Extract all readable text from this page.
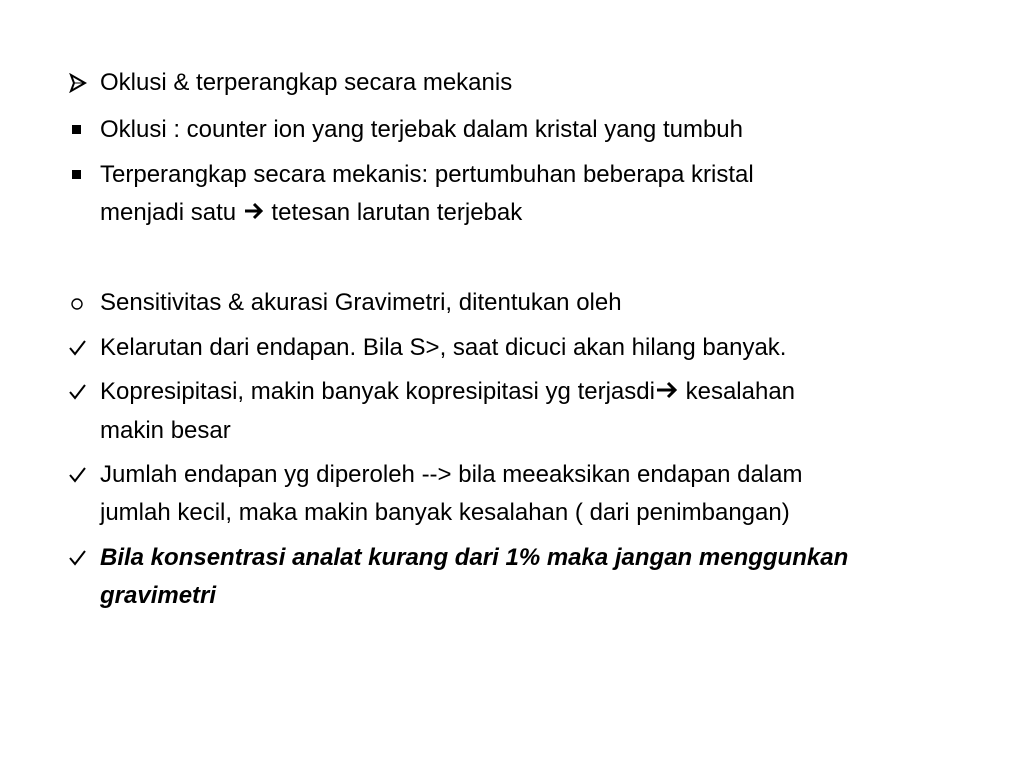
Oklusi & terperangkap secara mekanis
Oklusi : counter ion yang terjebak dalam kristal yang tumbuh
Terperangkap secara mekanis: pertumbuhan beberapa kristal
menjadi satu tetesan larutan terjebak
Sensitivitas & akurasi Gravimetri, ditentukan oleh
Kelarutan dari endapan. Bila S>, saat dicuci akan hilang banyak.
Kopresipitasi, makin banyak kopresipitasi yg terjasdi kesalahan
makin besar
Jumlah endapan yg diperoleh --> bila meeaksikan endapan dalam
jumlah kecil, maka makin banyak kesalahan ( dari penimbangan)
Bila konsentrasi analat kurang dari 1% maka jangan menggunkan
gravimetri
